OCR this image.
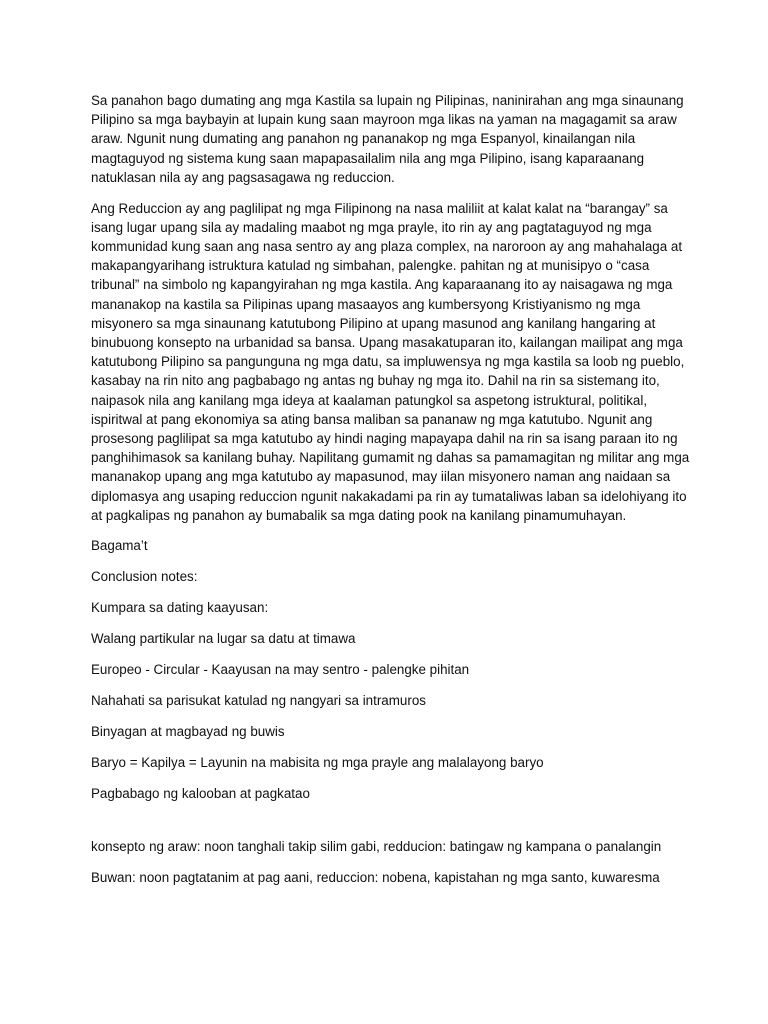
Sa panahon bago dumating ang mga Kastila sa lupain ng Pilipinas, naninirahan ang mga sinaunang Pilipino sa mga baybayin at lupain kung saan mayroon mga likas na yaman na magagamit sa araw araw. Ngunit nung dumating ang panahon ng pananakop ng mga Espanyol, kinailangan nila magtaguyod ng sistema kung saan mapapasailalim nila ang mga Pilipino, isang kaparaanang natuklasan nila ay ang pagsasagawa ng reduccion.

Ang Reduccion ay ang paglilipat ng mga Filipinong na nasa maliliit at kalat kalat na “barangay” sa isang lugar upang sila ay madaling maabot ng mga prayle, ito rin ay ang pagtataguyod ng mga kommunidad kung saan ang nasa sentro ay ang plaza complex, na naroroon ay ang mahahalaga at makapangyarihang istruktura katulad ng simbahan, palengke. pahitan ng at munisipyo o “casa tribunal” na simbolo ng kapangyirahan ng mga kastila. Ang kaparaanang ito ay naisagawa ng mga mananakop na kastila sa Pilipinas upang masaayos ang kumbersyong Kristiyanismo ng mga misyonero sa mga sinaunang katutubong Pilipino at upang masunod ang kanilang hangaring at binubuong konsepto na urbanidad sa bansa. Upang masakatuparan ito, kailangan mailipat ang mga katutubong Pilipino sa pangunguna ng mga datu, sa impluwensya ng mga kastila sa loob ng pueblo, kasabay na rin nito ang pagbabago ng antas ng buhay ng mga ito. Dahil na rin sa sistemang ito, naipasok nila ang kanilang mga ideya at kaalaman patungkol sa aspetong istruktural, politikal, ispiritwal at pang ekonomiya sa ating bansa maliban sa pananaw ng mga katutubo. Ngunit ang prosesong paglilipat sa mga katutubo ay hindi naging mapayapa dahil na rin sa isang paraan ito ng panghihimasok sa kanilang buhay. Napilitang gumamit ng dahas sa pamamagitan ng militar ang mga mananakop upang ang mga katutubo ay mapasunod, may iilan misyonero naman ang naidaan sa diplomasya ang usaping reduccion ngunit nakakadami pa rin ay tumataliwas laban sa idelohiyang ito at pagkalipas ng panahon ay bumabalik sa mga dating pook na kanilang pinamumuhayan.

Bagama’t

Conclusion notes:

Kumpara sa dating kaayusan:

Walang partikular na lugar sa datu at timawa

Europeo - Circular - Kaayusan na may sentro - palengke pihitan

Nahahati sa parisukat katulad ng nangyari sa intramuros

Binyagan at magbayad ng buwis

Baryo = Kapilya = Layunin na mabisita ng mga prayle ang malalayong baryo

Pagbabago ng kalooban at pagkatao

konsepto ng araw: noon tanghali takip silim gabi, redducion: batingaw ng kampana o panalangin

Buwan: noon pagtatanim at pag aani, reduccion: nobena, kapistahan ng mga santo, kuwaresma
